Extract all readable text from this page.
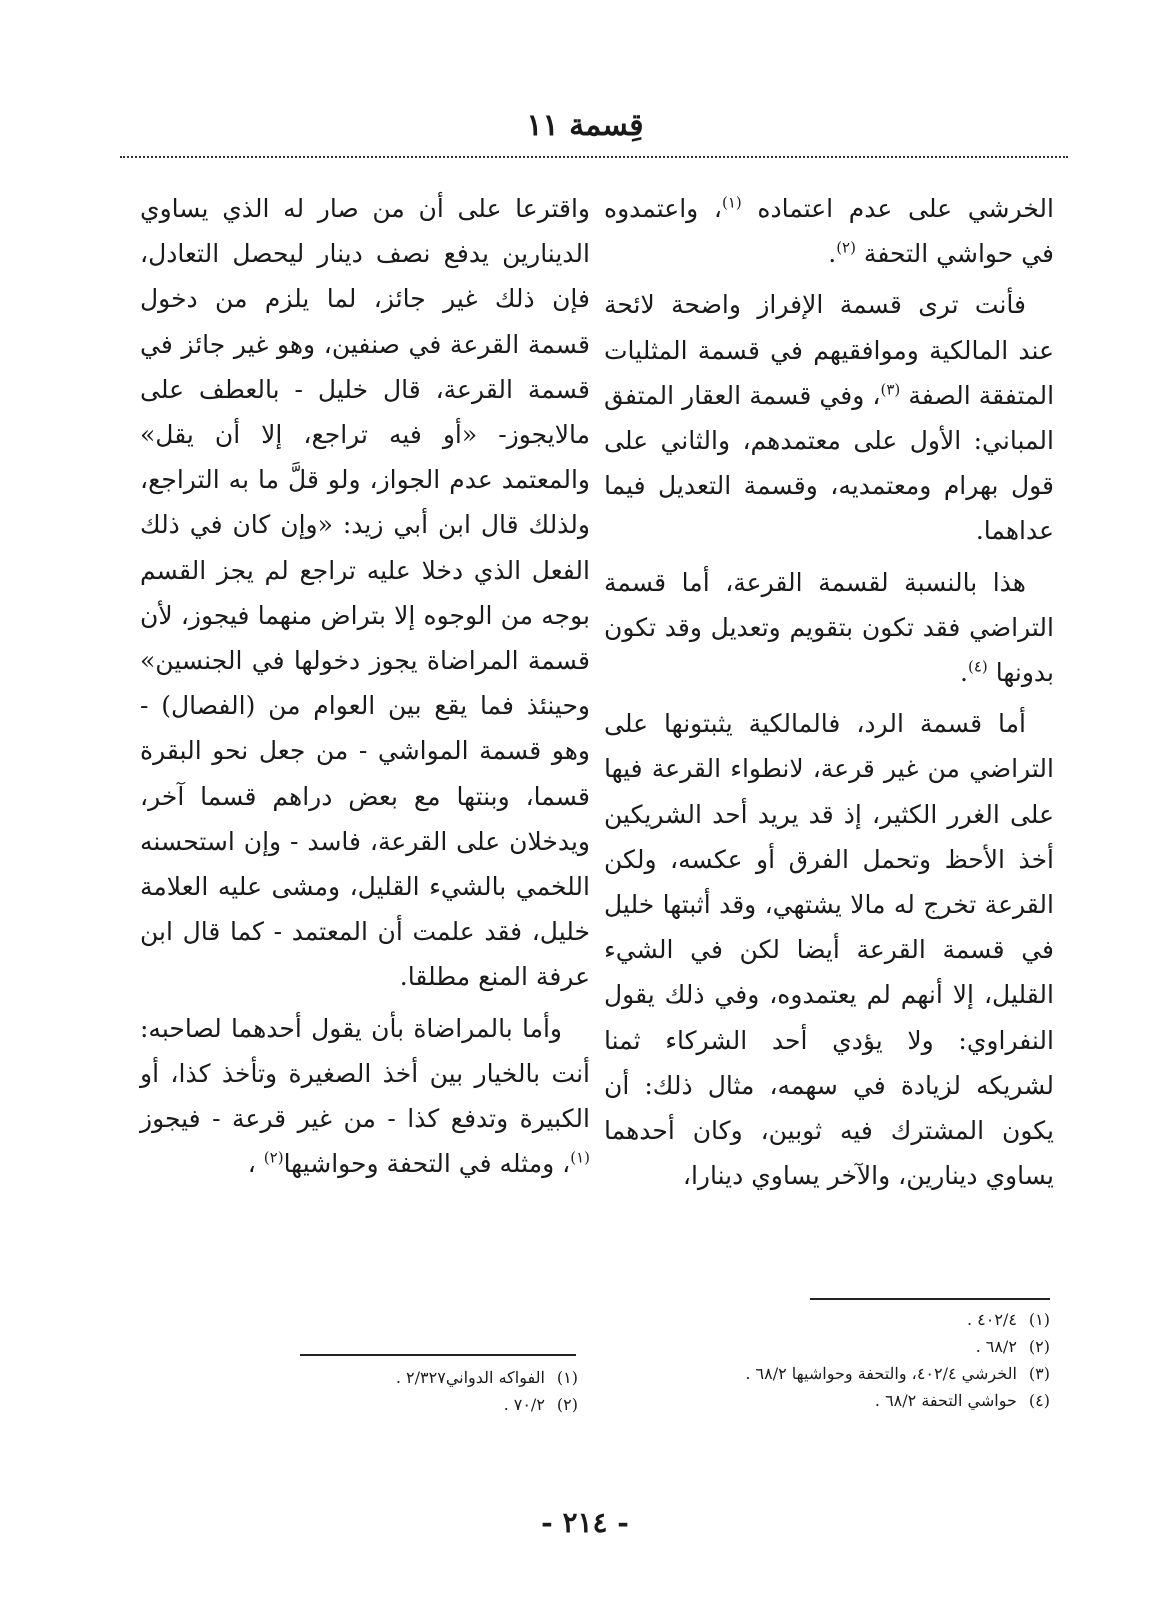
قِسمة ١١

الخرشي على عدم اعتماده $^{(١)}$، واعتمدوه في حواشي التحفة $^{(٢)}$.

فأنت ترى قسمة الإفراز واضحة لائحة عند المالكية وموافقيهم في قسمة المثليات المتفقة الصفة $^{(٣)}$، وفي قسمة العقار المتفق المباني: الأول على معتمدهم، والثاني على قول بهرام ومعتمديه، وقسمة التعديل فيما عداهما.

هذا بالنسبة لقسمة القرعة، أما قسمة التراضي فقد تكون بتقويم وتعديل وقد تكون بدونها $^{(٤)}$.

أما قسمة الرد، فالمالكية يثبتونها على التراضي من غير قرعة، لانطواء القرعة فيها على الغرر الكثير، إذ قد يريد أحد الشريكين أخذ الأحظ وتحمل الفرق أو عكسه، ولكن القرعة تخرج له مالا يشتهي، وقد أثبتها خليل في قسمة القرعة أيضا لكن في الشيء القليل، إلا أنهم لم يعتمدوه، وفي ذلك يقول النفراوي: ولا يؤدي أحد الشركاء ثمنا لشريكه لزيادة في سهمه، مثال ذلك: أن يكون المشترك فيه ثوبين، وكان أحدهما يساوي دينارين، والآخر يساوي دينارا،

واقترعا على أن من صار له الذي يساوي الدينارين يدفع نصف دينار ليحصل التعادل، فإن ذلك غير جائز، لما يلزم من دخول قسمة القرعة في صنفين، وهو غير جائز في قسمة القرعة، قال خليل - بالعطف على مالايجوز- «أو فيه تراجع، إلا أن يقل» والمعتمد عدم الجواز، ولو قلَّ ما به التراجع، ولذلك قال ابن أبي زيد: «وإن كان في ذلك الفعل الذي دخلا عليه تراجع لم يجز القسم بوجه من الوجوه إلا بتراض منهما فيجوز، لأن قسمة المراضاة يجوز دخولها في الجنسين» وحينئذ فما يقع بين العوام من (الفصال) - وهو قسمة المواشي - من جعل نحو البقرة قسما، وبنتها مع بعض دراهم قسما آخر، ويدخلان على القرعة، فاسد - وإن استحسنه اللخمي بالشيء القليل، ومشى عليه العلامة خليل، فقد علمت أن المعتمد - كما قال ابن عرفة المنع مطلقا.

وأما بالمراضاة بأن يقول أحدهما لصاحبه: أنت بالخيار بين أخذ الصغيرة وتأخذ كذا، أو الكبيرة وتدفع كذا - من غير قرعة - فيجوز $^{(١)}$، ومثله في التحفة وحواشيها$^{(٢)}$ ،

(١) ٤٠٢/٤ .
(٢) ٦٨/٢ .
(٣) الخرشي ٤٠٢/٤، والتحفة وحواشيها ٦٨/٢ .
(٤) حواشي التحفة ٦٨/٢ .
(١) الفواكه الدواني٢/٣٢٧ .
(٢) ٧٠/٢ .
- ٢١٤ -
